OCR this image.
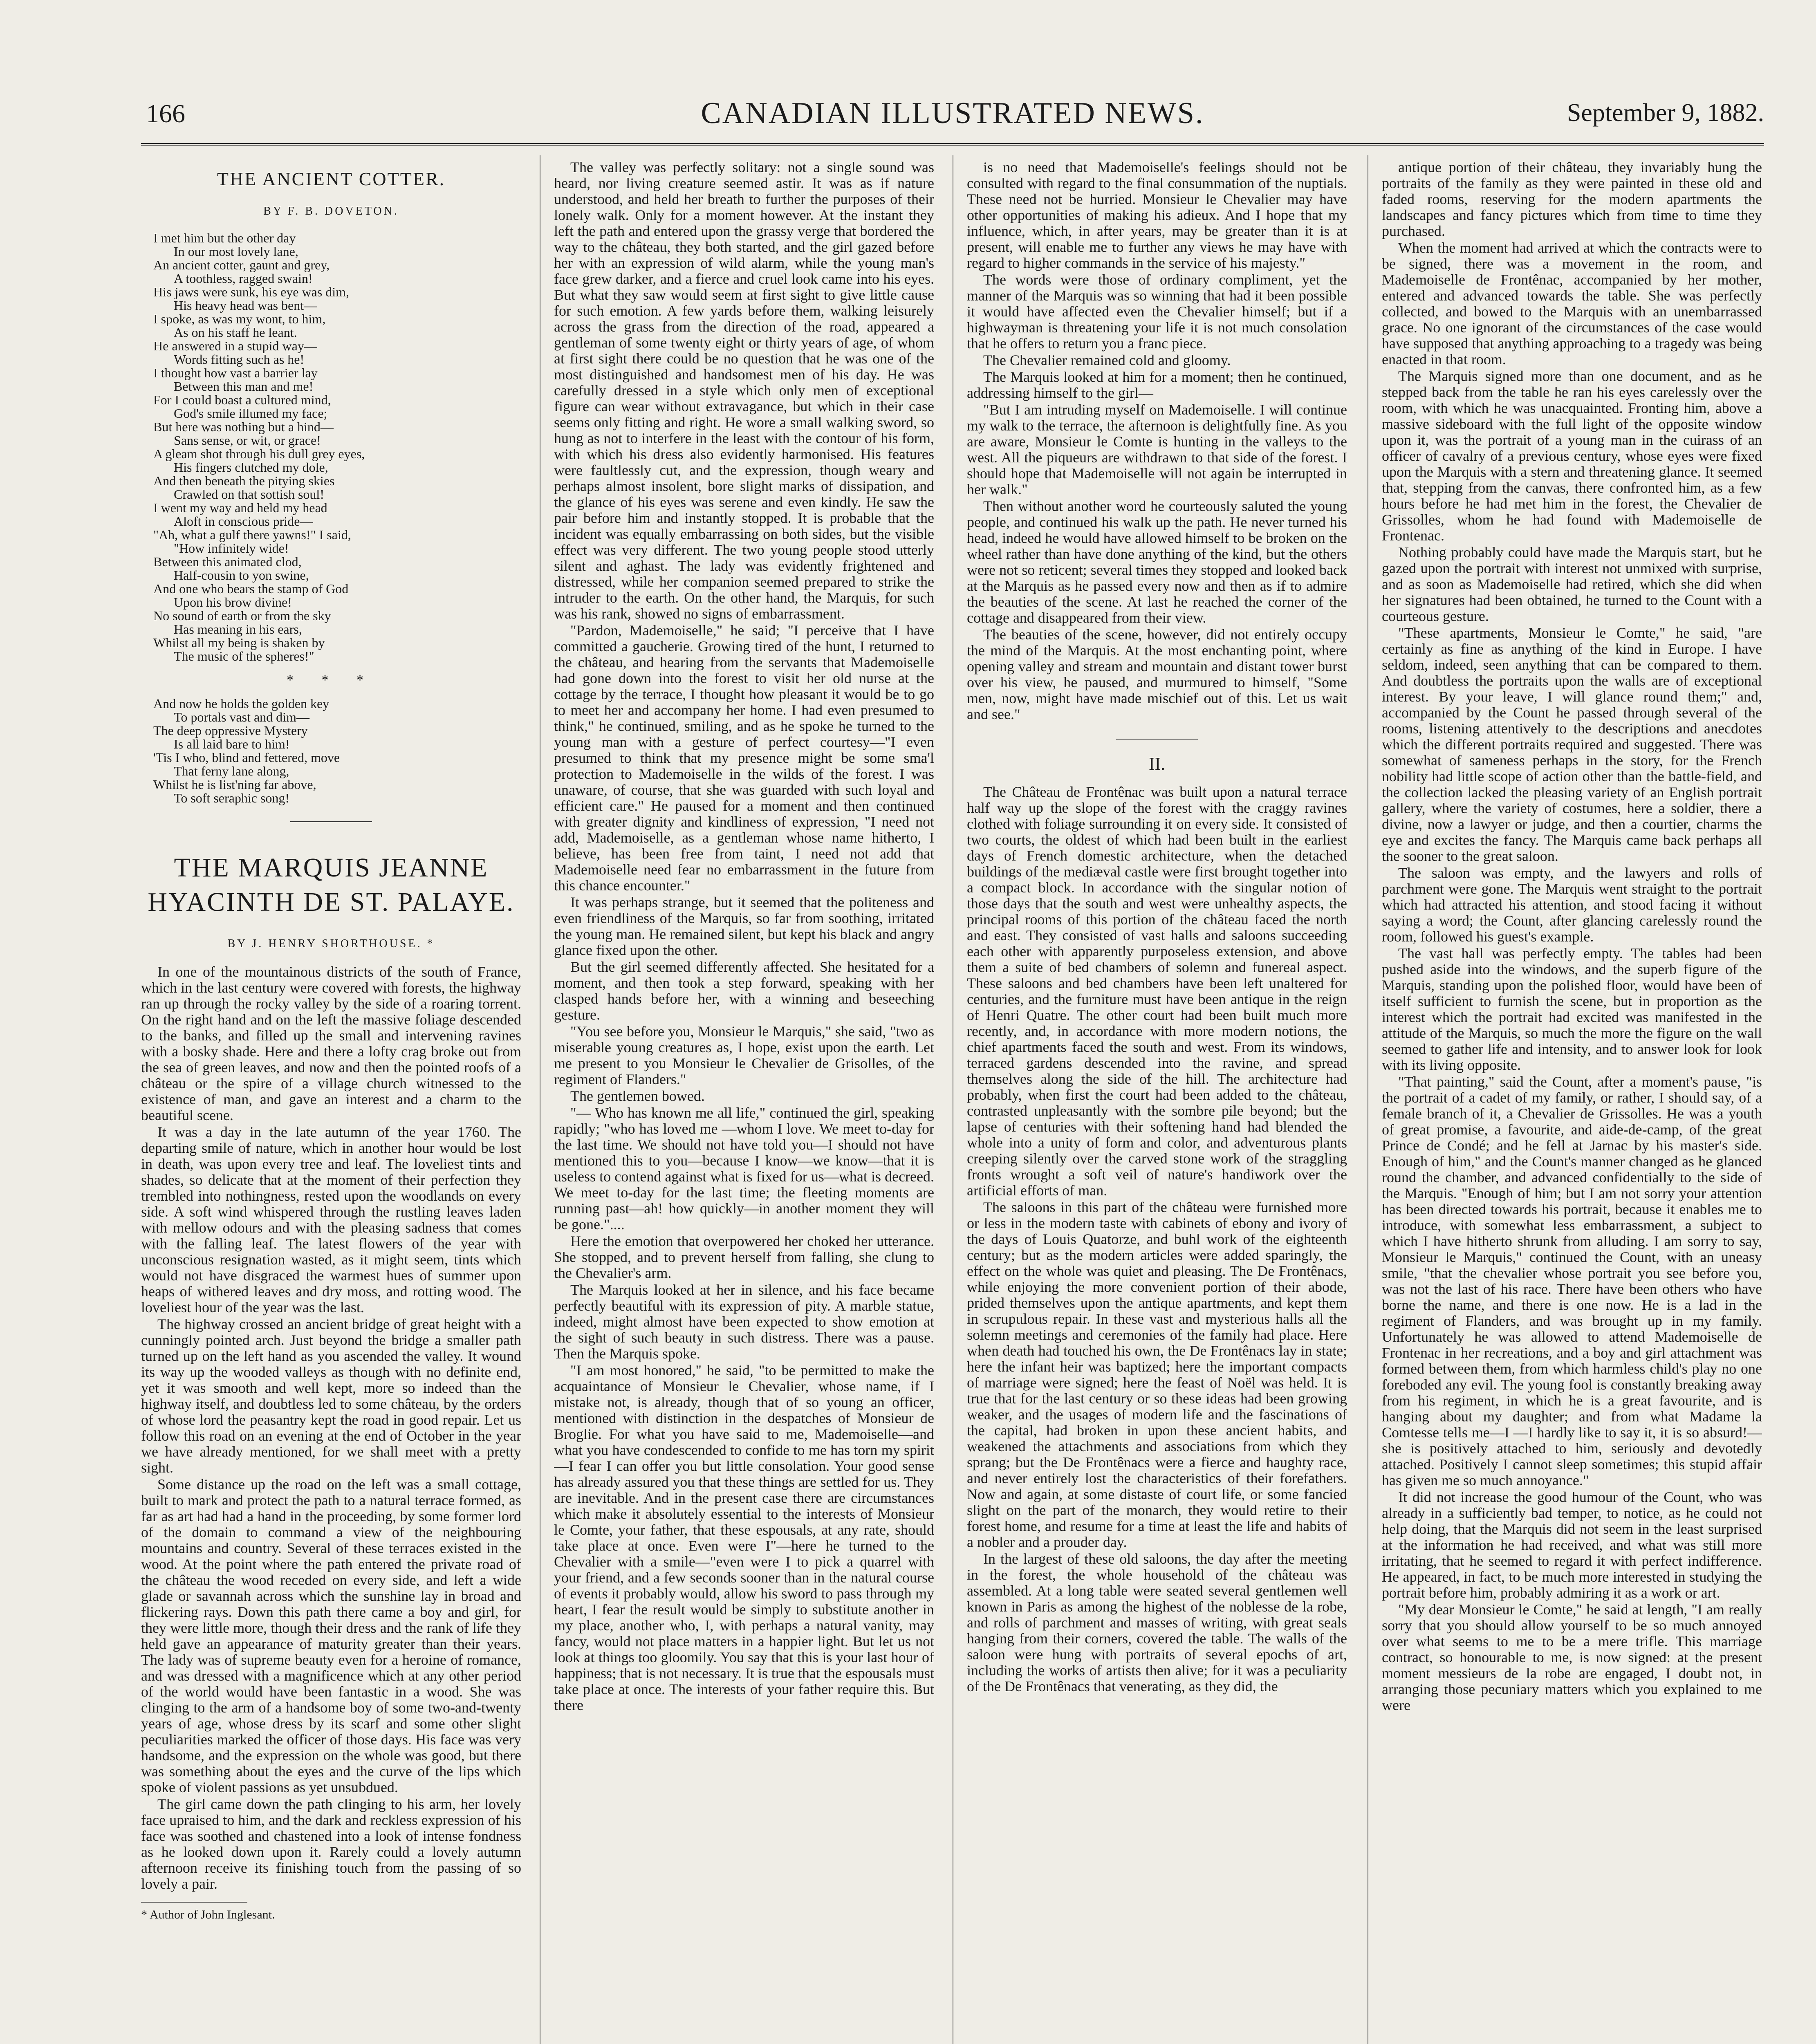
166	CANADIAN ILLUSTRATED NEWS.	September 9, 1882.
THE ANCIENT COTTER.
BY F. B. DOVETON.
I met him but the other day
In our most lovely lane,
An ancient cotter, gaunt and grey,
A toothless, ragged swain!
His jaws were sunk, his eye was dim,
His heavy head was bent—
I spoke, as was my wont, to him,
As on his staff he leant.
He answered in a stupid way—
Words fitting such as he!
I thought how vast a barrier lay
Between this man and me!
For I could boast a cultured mind,
God's smile illumed my face;
But here was nothing but a hind—
Sans sense, or wit, or grace!
A gleam shot through his dull grey eyes,
His fingers clutched my dole,
And then beneath the pitying skies
Crawled on that sottish soul!
I went my way and held my head
Aloft in conscious pride—
"Ah, what a gulf there yawns!" I said,
"How infinitely wide!
Between this animated clod,
Half-cousin to yon swine,
And one who bears the stamp of God
Upon his brow divine!
No sound of earth or from the sky
Has meaning in his ears,
Whilst all my being is shaken by
The music of the spheres!"
* * *
And now he holds the golden key
To portals vast and dim—
The deep oppressive Mystery
Is all laid bare to him!
'Tis I who, blind and fettered, move
That ferny lane along,
Whilst he is list'ning far above,
To soft seraphic song!
THE MARQUIS JEANNE HYACINTH DE ST. PALAYE.
BY J. HENRY SHORTHOUSE. *

In one of the mountainous districts of the south of France, which in the last century were covered with forests, the highway ran up through the rocky valley by the side of a roaring torrent. On the right hand and on the left the massive foliage descended to the banks, and filled up the small and intervening ravines with a bosky shade. Here and there a lofty crag broke out from the sea of green leaves, and now and then the pointed roofs of a château or the spire of a village church witnessed to the existence of man, and gave an interest and a charm to the beautiful scene.

It was a day in the late autumn of the year 1760. The departing smile of nature, which in another hour would be lost in death, was upon every tree and leaf. The loveliest tints and shades, so delicate that at the moment of their perfection they trembled into nothingness, rested upon the woodlands on every side. A soft wind whispered through the rustling leaves laden with mellow odours and with the pleasing sadness that comes with the falling leaf. The latest flowers of the year with unconscious resignation wasted, as it might seem, tints which would not have disgraced the warmest hues of summer upon heaps of withered leaves and dry moss, and rotting wood. The loveliest hour of the year was the last.

The highway crossed an ancient bridge of great height with a cunningly pointed arch. Just beyond the bridge a smaller path turned up on the left hand as you ascended the valley. It wound its way up the wooded valleys as though with no definite end, yet it was smooth and well kept, more so indeed than the highway itself, and doubtless led to some château, by the orders of whose lord the peasantry kept the road in good repair. Let us follow this road on an evening at the end of October in the year we have already mentioned, for we shall meet with a pretty sight.

Some distance up the road on the left was a small cottage, built to mark and protect the path to a natural terrace formed, as far as art had had a hand in the proceeding, by some former lord of the domain to command a view of the neighbouring mountains and country. Several of these terraces existed in the wood. At the point where the path entered the private road of the château the wood receded on every side, and left a wide glade or savannah across which the sunshine lay in broad and flickering rays. Down this path there came a boy and girl, for they were little more, though their dress and the rank of life they held gave an appearance of maturity greater than their years. The lady was of supreme beauty even for a heroine of romance, and was dressed with a magnificence which at any other period of the world would have been fantastic in a wood. She was clinging to the arm of a handsome boy of some two-and-twenty years of age, whose dress by its scarf and some other slight peculiarities marked the officer of those days. His face was very handsome, and the expression on the whole was good, but there was something about the eyes and the curve of the lips which spoke of violent passions as yet unsubdued.

The girl came down the path clinging to his arm, her lovely face upraised to him, and the dark and reckless expression of his face was soothed and chastened into a look of intense fondness as he looked down upon it. Rarely could a lovely autumn afternoon receive its finishing touch from the passing of so lovely a pair.

* Author of John Inglesant.

The valley was perfectly solitary: not a single sound was heard, nor living creature seemed astir. It was as if nature understood, and held her breath to further the purposes of their lonely walk. Only for a moment however. At the instant they left the path and entered upon the grassy verge that bordered the way to the château, they both started, and the girl gazed before her with an expression of wild alarm, while the young man's face grew darker, and a fierce and cruel look came into his eyes. But what they saw would seem at first sight to give little cause for such emotion. A few yards before them, walking leisurely across the grass from the direction of the road, appeared a gentleman of some twenty eight or thirty years of age, of whom at first sight there could be no question that he was one of the most distinguished and handsomest men of his day. He was carefully dressed in a style which only men of exceptional figure can wear without extravagance, but which in their case seems only fitting and right. He wore a small walking sword, so hung as not to interfere in the least with the contour of his form, with which his dress also evidently harmonised. His features were faultlessly cut, and the expression, though weary and perhaps almost insolent, bore slight marks of dissipation, and the glance of his eyes was serene and even kindly. He saw the pair before him and instantly stopped. It is probable that the incident was equally embarrassing on both sides, but the visible effect was very different. The two young people stood utterly silent and aghast. The lady was evidently frightened and distressed, while her companion seemed prepared to strike the intruder to the earth. On the other hand, the Marquis, for such was his rank, showed no signs of embarrassment.

"Pardon, Mademoiselle," he said; "I perceive that I have committed a gaucherie. Growing tired of the hunt, I returned to the château, and hearing from the servants that Mademoiselle had gone down into the forest to visit her old nurse at the cottage by the terrace, I thought how pleasant it would be to go to meet her and accompany her home. I had even presumed to think," he continued, smiling, and as he spoke he turned to the young man with a gesture of perfect courtesy—"I even presumed to think that my presence might be some sma'l protection to Mademoiselle in the wilds of the forest. I was unaware, of course, that she was guarded with such loyal and efficient care." He paused for a moment and then continued with greater dignity and kindliness of expression, "I need not add, Mademoiselle, as a gentleman whose name hitherto, I believe, has been free from taint, I need not add that Mademoiselle need fear no embarrassment in the future from this chance encounter."

It was perhaps strange, but it seemed that the politeness and even friendliness of the Marquis, so far from soothing, irritated the young man. He remained silent, but kept his black and angry glance fixed upon the other.

But the girl seemed differently affected. She hesitated for a moment, and then took a step forward, speaking with her clasped hands before her, with a winning and beseeching gesture.

"You see before you, Monsieur le Marquis," she said, "two as miserable young creatures as, I hope, exist upon the earth. Let me present to you Monsieur le Chevalier de Grisolles, of the regiment of Flanders."

The gentlemen bowed.

"— Who has known me all life," continued the girl, speaking rapidly; "who has loved me —whom I love. We meet to-day for the last time. We should not have told you—I should not have mentioned this to you—because I know—we know—that it is useless to contend against what is fixed for us—what is decreed. We meet to-day for the last time; the fleeting moments are running past—ah! how quickly—in another moment they will be gone."....

Here the emotion that overpowered her choked her utterance. She stopped, and to prevent herself from falling, she clung to the Chevalier's arm.

The Marquis looked at her in silence, and his face became perfectly beautiful with its expression of pity. A marble statue, indeed, might almost have been expected to show emotion at the sight of such beauty in such distress. There was a pause. Then the Marquis spoke.

"I am most honored," he said, "to be permitted to make the acquaintance of Monsieur le Chevalier, whose name, if I mistake not, is already, though that of so young an officer, mentioned with distinction in the despatches of Monsieur de Broglie. For what you have said to me, Mademoiselle—and what you have condescended to confide to me has torn my spirit—I fear I can offer you but little consolation. Your good sense has already assured you that these things are settled for us. They are inevitable. And in the present case there are circumstances which make it absolutely essential to the interests of Monsieur le Comte, your father, that these espousals, at any rate, should take place at once. Even were I"—here he turned to the Chevalier with a smile—"even were I to pick a quarrel with your friend, and a few seconds sooner than in the natural course of events it probably would, allow his sword to pass through my heart, I fear the result would be simply to substitute another in my place, another who, I, with perhaps a natural vanity, may fancy, would not place matters in a happier light. But let us not look at things too gloomily. You say that this is your last hour of happiness; that is not necessary. It is true that the espousals must take place at once. The interests of your father require this. But there

is no need that Mademoiselle's feelings should not be consulted with regard to the final consummation of the nuptials. These need not be hurried. Monsieur le Chevalier may have other opportunities of making his adieux. And I hope that my influence, which, in after years, may be greater than it is at present, will enable me to further any views he may have with regard to higher commands in the service of his majesty."

The words were those of ordinary compliment, yet the manner of the Marquis was so winning that had it been possible it would have affected even the Chevalier himself; but if a highwayman is threatening your life it is not much consolation that he offers to return you a franc piece.

The Chevalier remained cold and gloomy.

The Marquis looked at him for a moment; then he continued, addressing himself to the girl—

"But I am intruding myself on Mademoiselle. I will continue my walk to the terrace, the afternoon is delightfully fine. As you are aware, Monsieur le Comte is hunting in the valleys to the west. All the piqueurs are withdrawn to that side of the forest. I should hope that Mademoiselle will not again be interrupted in her walk."

Then without another word he courteously saluted the young people, and continued his walk up the path. He never turned his head, indeed he would have allowed himself to be broken on the wheel rather than have done anything of the kind, but the others were not so reticent; several times they stopped and looked back at the Marquis as he passed every now and then as if to admire the beauties of the scene. At last he reached the corner of the cottage and disappeared from their view.

The beauties of the scene, however, did not entirely occupy the mind of the Marquis. At the most enchanting point, where opening valley and stream and mountain and distant tower burst over his view, he paused, and murmured to himself, "Some men, now, might have made mischief out of this. Let us wait and see."

II.

The Château de Frontênac was built upon a natural terrace half way up the slope of the forest with the craggy ravines clothed with foliage surrounding it on every side. It consisted of two courts, the oldest of which had been built in the earliest days of French domestic architecture, when the detached buildings of the mediæval castle were first brought together into a compact block. In accordance with the singular notion of those days that the south and west were unhealthy aspects, the principal rooms of this portion of the château faced the north and east. They consisted of vast halls and saloons succeeding each other with apparently purposeless extension, and above them a suite of bed chambers of solemn and funereal aspect. These saloons and bed chambers have been left unaltered for centuries, and the furniture must have been antique in the reign of Henri Quatre. The other court had been built much more recently, and, in accordance with more modern notions, the chief apartments faced the south and west. From its windows, terraced gardens descended into the ravine, and spread themselves along the side of the hill. The architecture had probably, when first the court had been added to the château, contrasted unpleasantly with the sombre pile beyond; but the lapse of centuries with their softening hand had blended the whole into a unity of form and color, and adventurous plants creeping silently over the carved stone work of the straggling fronts wrought a soft veil of nature's handiwork over the artificial efforts of man.

The saloons in this part of the château were furnished more or less in the modern taste with cabinets of ebony and ivory of the days of Louis Quatorze, and buhl work of the eighteenth century; but as the modern articles were added sparingly, the effect on the whole was quiet and pleasing. The De Frontênacs, while enjoying the more convenient portion of their abode, prided themselves upon the antique apartments, and kept them in scrupulous repair. In these vast and mysterious halls all the solemn meetings and ceremonies of the family had place. Here when death had touched his own, the De Frontênacs lay in state; here the infant heir was baptized; here the important compacts of marriage were signed; here the feast of Noël was held. It is true that for the last century or so these ideas had been growing weaker, and the usages of modern life and the fascinations of the capital, had broken in upon these ancient habits, and weakened the attachments and associations from which they sprang; but the De Frontênacs were a fierce and haughty race, and never entirely lost the characteristics of their forefathers. Now and again, at some distaste of court life, or some fancied slight on the part of the monarch, they would retire to their forest home, and resume for a time at least the life and habits of a nobler and a prouder day.

In the largest of these old saloons, the day after the meeting in the forest, the whole household of the château was assembled. At a long table were seated several gentlemen well known in Paris as among the highest of the noblesse de la robe, and rolls of parchment and masses of writing, with great seals hanging from their corners, covered the table. The walls of the saloon were hung with portraits of several epochs of art, including the works of artists then alive; for it was a peculiarity of the De Frontênacs that venerating, as they did, the

antique portion of their château, they invariably hung the portraits of the family as they were painted in these old and faded rooms, reserving for the modern apartments the landscapes and fancy pictures which from time to time they purchased.

When the moment had arrived at which the contracts were to be signed, there was a movement in the room, and Mademoiselle de Frontênac, accompanied by her mother, entered and advanced towards the table. She was perfectly collected, and bowed to the Marquis with an unembarrassed grace. No one ignorant of the circumstances of the case would have supposed that anything approaching to a tragedy was being enacted in that room.

The Marquis signed more than one document, and as he stepped back from the table he ran his eyes carelessly over the room, with which he was unacquainted. Fronting him, above a massive sideboard with the full light of the opposite window upon it, was the portrait of a young man in the cuirass of an officer of cavalry of a previous century, whose eyes were fixed upon the Marquis with a stern and threatening glance. It seemed that, stepping from the canvas, there confronted him, as a few hours before he had met him in the forest, the Chevalier de Grissolles, whom he had found with Mademoiselle de Frontenac.

Nothing probably could have made the Marquis start, but he gazed upon the portrait with interest not unmixed with surprise, and as soon as Mademoiselle had retired, which she did when her signatures had been obtained, he turned to the Count with a courteous gesture.

"These apartments, Monsieur le Comte," he said, "are certainly as fine as anything of the kind in Europe. I have seldom, indeed, seen anything that can be compared to them. And doubtless the portraits upon the walls are of exceptional interest. By your leave, I will glance round them;" and, accompanied by the Count he passed through several of the rooms, listening attentively to the descriptions and anecdotes which the different portraits required and suggested. There was somewhat of sameness perhaps in the story, for the French nobility had little scope of action other than the battle-field, and the collection lacked the pleasing variety of an English portrait gallery, where the variety of costumes, here a soldier, there a divine, now a lawyer or judge, and then a courtier, charms the eye and excites the fancy. The Marquis came back perhaps all the sooner to the great saloon.

The saloon was empty, and the lawyers and rolls of parchment were gone. The Marquis went straight to the portrait which had attracted his attention, and stood facing it without saying a word; the Count, after glancing carelessly round the room, followed his guest's example.

The vast hall was perfectly empty. The tables had been pushed aside into the windows, and the superb figure of the Marquis, standing upon the polished floor, would have been of itself sufficient to furnish the scene, but in proportion as the interest which the portrait had excited was manifested in the attitude of the Marquis, so much the more the figure on the wall seemed to gather life and intensity, and to answer look for look with its living opposite.

"That painting," said the Count, after a moment's pause, "is the portrait of a cadet of my family, or rather, I should say, of a female branch of it, a Chevalier de Grissolles. He was a youth of great promise, a favourite, and aide-de-camp, of the great Prince de Condé; and he fell at Jarnac by his master's side. Enough of him," and the Count's manner changed as he glanced round the chamber, and advanced confidentially to the side of the Marquis. "Enough of him; but I am not sorry your attention has been directed towards his portrait, because it enables me to introduce, with somewhat less embarrassment, a subject to which I have hitherto shrunk from alluding. I am sorry to say, Monsieur le Marquis," continued the Count, with an uneasy smile, "that the chevalier whose portrait you see before you, was not the last of his race. There have been others who have borne the name, and there is one now. He is a lad in the regiment of Flanders, and was brought up in my family. Unfortunately he was allowed to attend Mademoiselle de Frontenac in her recreations, and a boy and girl attachment was formed between them, from which harmless child's play no one foreboded any evil. The young fool is constantly breaking away from his regiment, in which he is a great favourite, and is hanging about my daughter; and from what Madame la Comtesse tells me—I —I hardly like to say it, it is so absurd!—she is positively attached to him, seriously and devotedly attached. Positively I cannot sleep sometimes; this stupid affair has given me so much annoyance."

It did not increase the good humour of the Count, who was already in a sufficiently bad temper, to notice, as he could not help doing, that the Marquis did not seem in the least surprised at the information he had received, and what was still more irritating, that he seemed to regard it with perfect indifference. He appeared, in fact, to be much more interested in studying the portrait before him, probably admiring it as a work or art.

"My dear Monsieur le Comte," he said at length, "I am really sorry that you should allow yourself to be so much annoyed over what seems to me to be a mere trifle. This marriage contract, so honourable to me, is now signed: at the present moment messieurs de la robe are engaged, I doubt not, in arranging those pecuniary matters which you explained to me were
